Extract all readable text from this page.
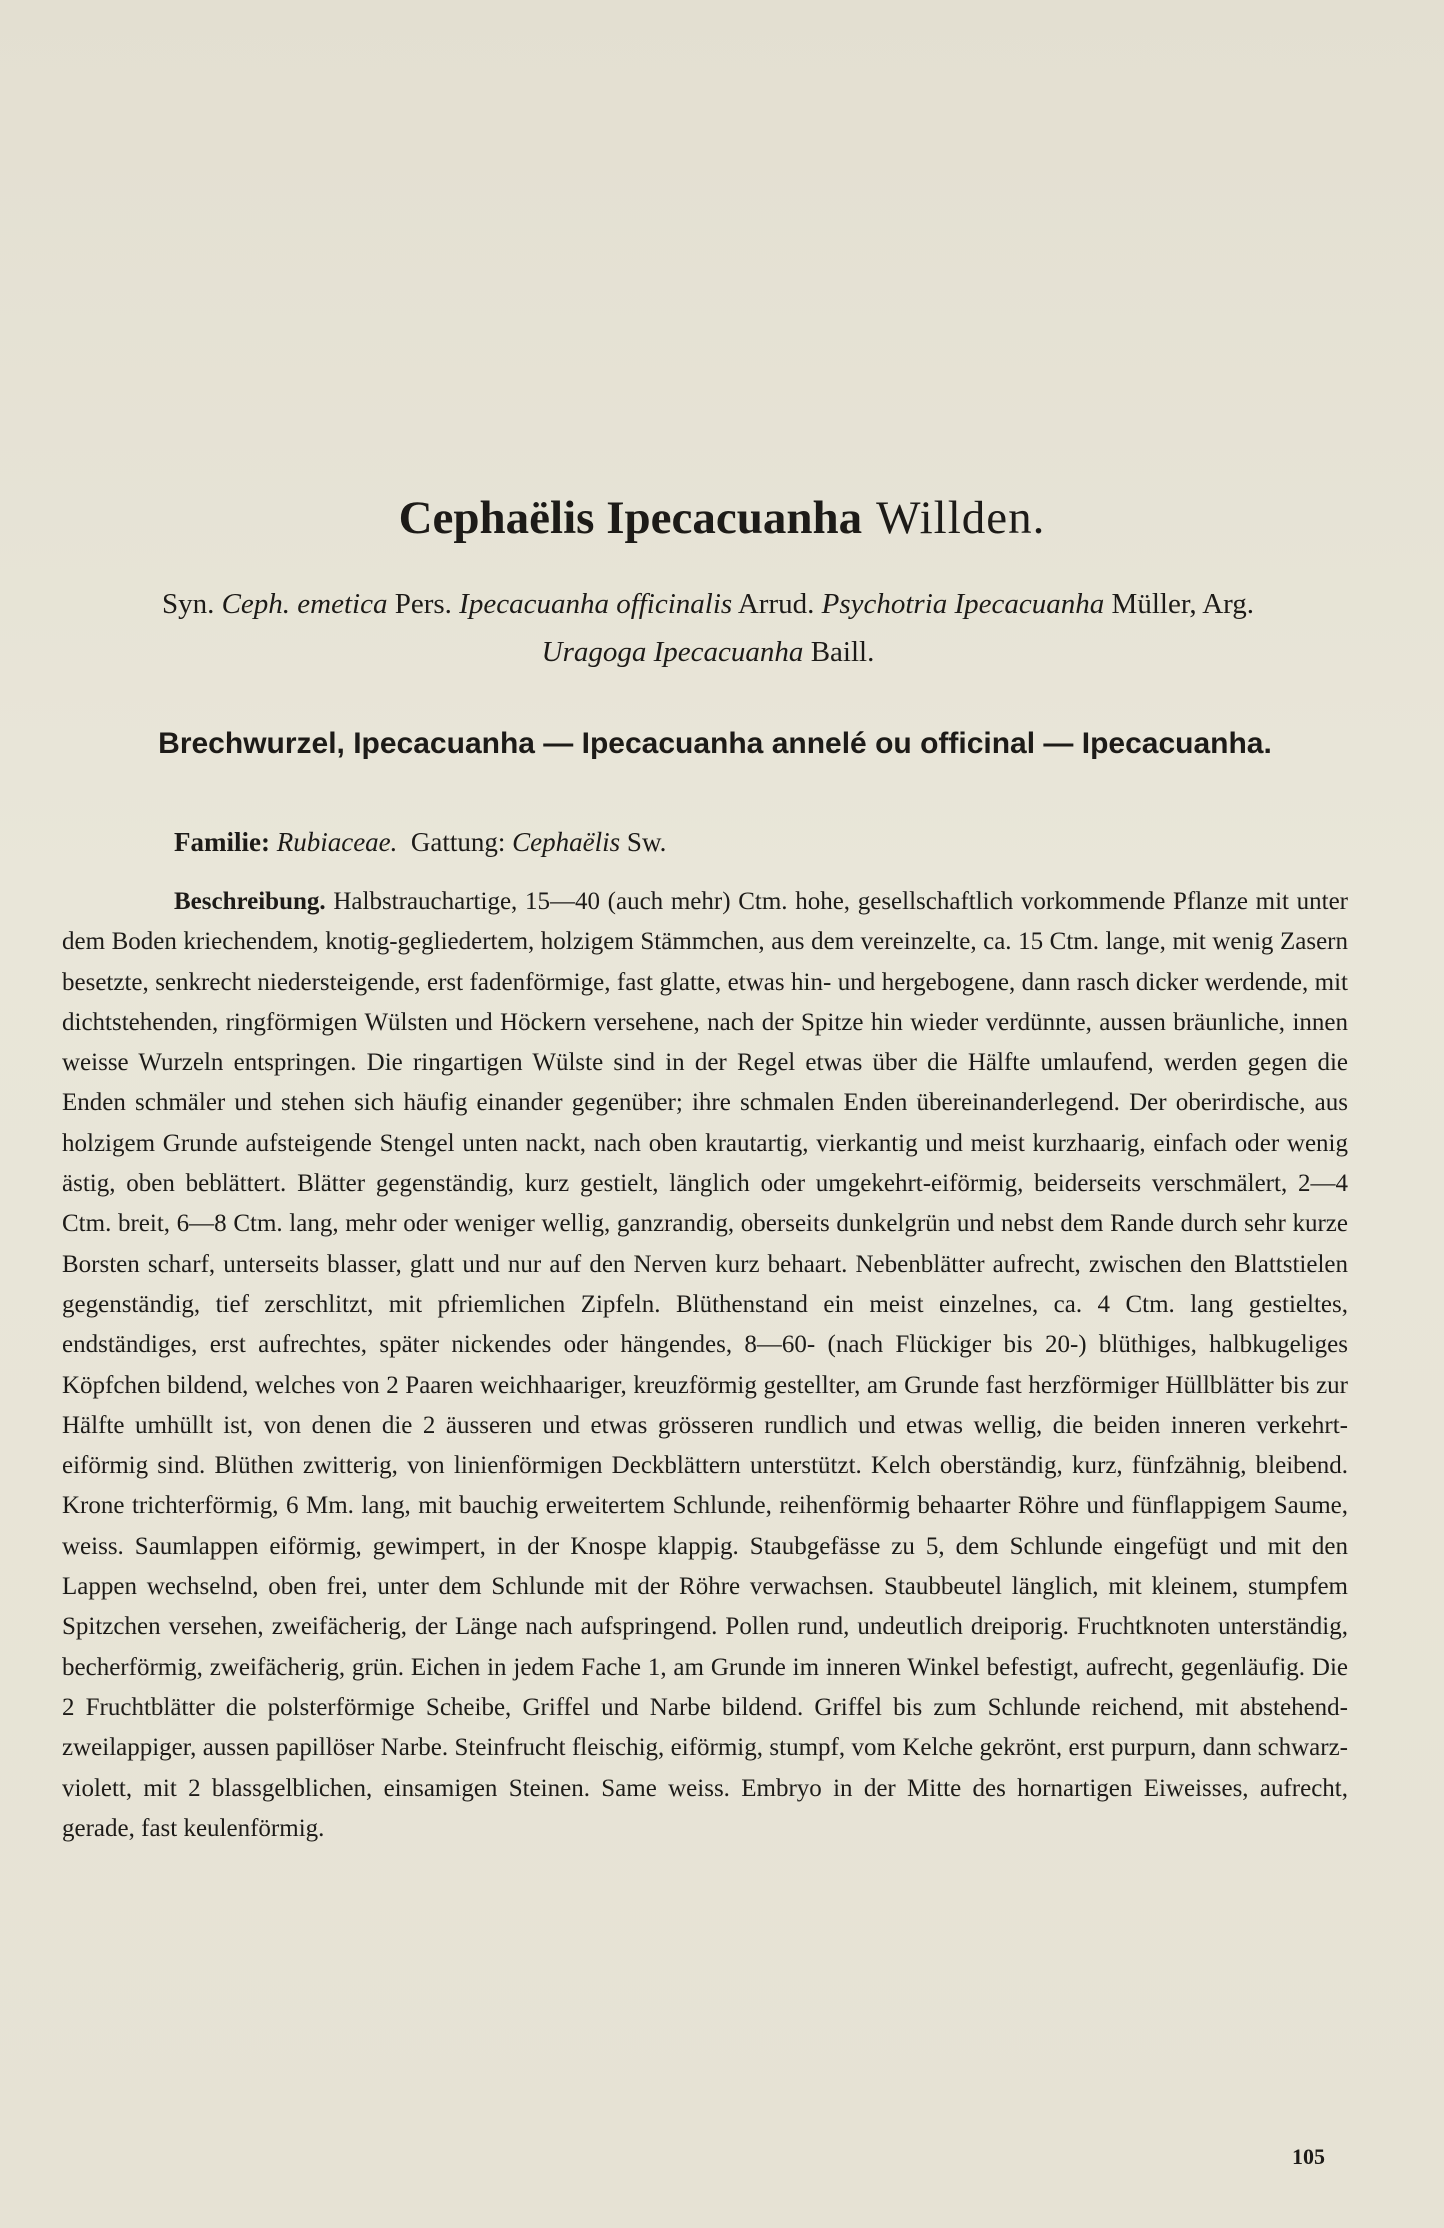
Cephaëlis Ipecacuanha Willden.
Syn. Ceph. emetica Pers. Ipecacuanha officinalis Arrud. Psychotria Ipecacuanha Müller, Arg.
Uragoga Ipecacuanha Baill.
Brechwurzel, Ipecacuanha — Ipecacuanha annelé ou officinal — Ipecacuanha.
Familie: Rubiaceae. Gattung: Cephaëlis Sw.
Beschreibung. Halbstrauchartige, 15—40 (auch mehr) Ctm. hohe, gesellschaftlich vorkommende Pflanze mit unter dem Boden kriechendem, knotig-gegliedertem, holzigem Stämmchen, aus dem vereinzelte, ca. 15 Ctm. lange, mit wenig Zasern besetzte, senkrecht niedersteigende, erst fadenförmige, fast glatte, etwas hin- und hergebogene, dann rasch dicker werdende, mit dichtstehenden, ringförmigen Wülsten und Höckern versehene, nach der Spitze hin wieder verdünnte, aussen bräunliche, innen weisse Wurzeln entspringen. Die ringartigen Wülste sind in der Regel etwas über die Hälfte umlaufend, werden gegen die Enden schmäler und stehen sich häufig einander gegenüber; ihre schmalen Enden übereinanderlegend. Der oberirdische, aus holzigem Grunde aufsteigende Stengel unten nackt, nach oben krautartig, vierkantig und meist kurzhaarig, einfach oder wenig ästig, oben beblättert. Blätter gegenständig, kurz gestielt, länglich oder umgekehrt-eiförmig, beiderseits verschmälert, 2—4 Ctm. breit, 6—8 Ctm. lang, mehr oder weniger wellig, ganzrandig, oberseits dunkelgrün und nebst dem Rande durch sehr kurze Borsten scharf, unterseits blasser, glatt und nur auf den Nerven kurz behaart. Nebenblätter aufrecht, zwischen den Blattstielen gegenständig, tief zerschlitzt, mit pfriemlichen Zipfeln. Blüthenstand ein meist einzelnes, ca. 4 Ctm. lang gestieltes, endständiges, erst aufrechtes, später nickendes oder hängendes, 8—60- (nach Flückiger bis 20-) blüthiges, halbkugeliges Köpfchen bildend, welches von 2 Paaren weichhaariger, kreuzförmig gestellter, am Grunde fast herzförmiger Hüllblätter bis zur Hälfte umhüllt ist, von denen die 2 äusseren und etwas grösseren rundlich und etwas wellig, die beiden inneren verkehrt-eiförmig sind. Blüthen zwitterig, von linienförmigen Deckblättern unterstützt. Kelch oberständig, kurz, fünfzähnig, bleibend. Krone trichterförmig, 6 Mm. lang, mit bauchig erweitertem Schlunde, reihenförmig behaarter Röhre und fünflappigem Saume, weiss. Saumlappen eiförmig, gewimpert, in der Knospe klappig. Staubgefässe zu 5, dem Schlunde eingefügt und mit den Lappen wechselnd, oben frei, unter dem Schlunde mit der Röhre verwachsen. Staubbeutel länglich, mit kleinem, stumpfem Spitzchen versehen, zweifächerig, der Länge nach aufspringend. Pollen rund, undeutlich dreiporig. Fruchtknoten unterständig, becherförmig, zweifächerig, grün. Eichen in jedem Fache 1, am Grunde im inneren Winkel befestigt, aufrecht, gegenläufig. Die 2 Fruchtblätter die polsterförmige Scheibe, Griffel und Narbe bildend. Griffel bis zum Schlunde reichend, mit abstehend-zweilappiger, aussen papillöser Narbe. Steinfrucht fleischig, eiförmig, stumpf, vom Kelche gekrönt, erst purpurn, dann schwarz-violett, mit 2 blassgelblichen, einsamigen Steinen. Same weiss. Embryo in der Mitte des hornartigen Eiweisses, aufrecht, gerade, fast keulenförmig.
105
